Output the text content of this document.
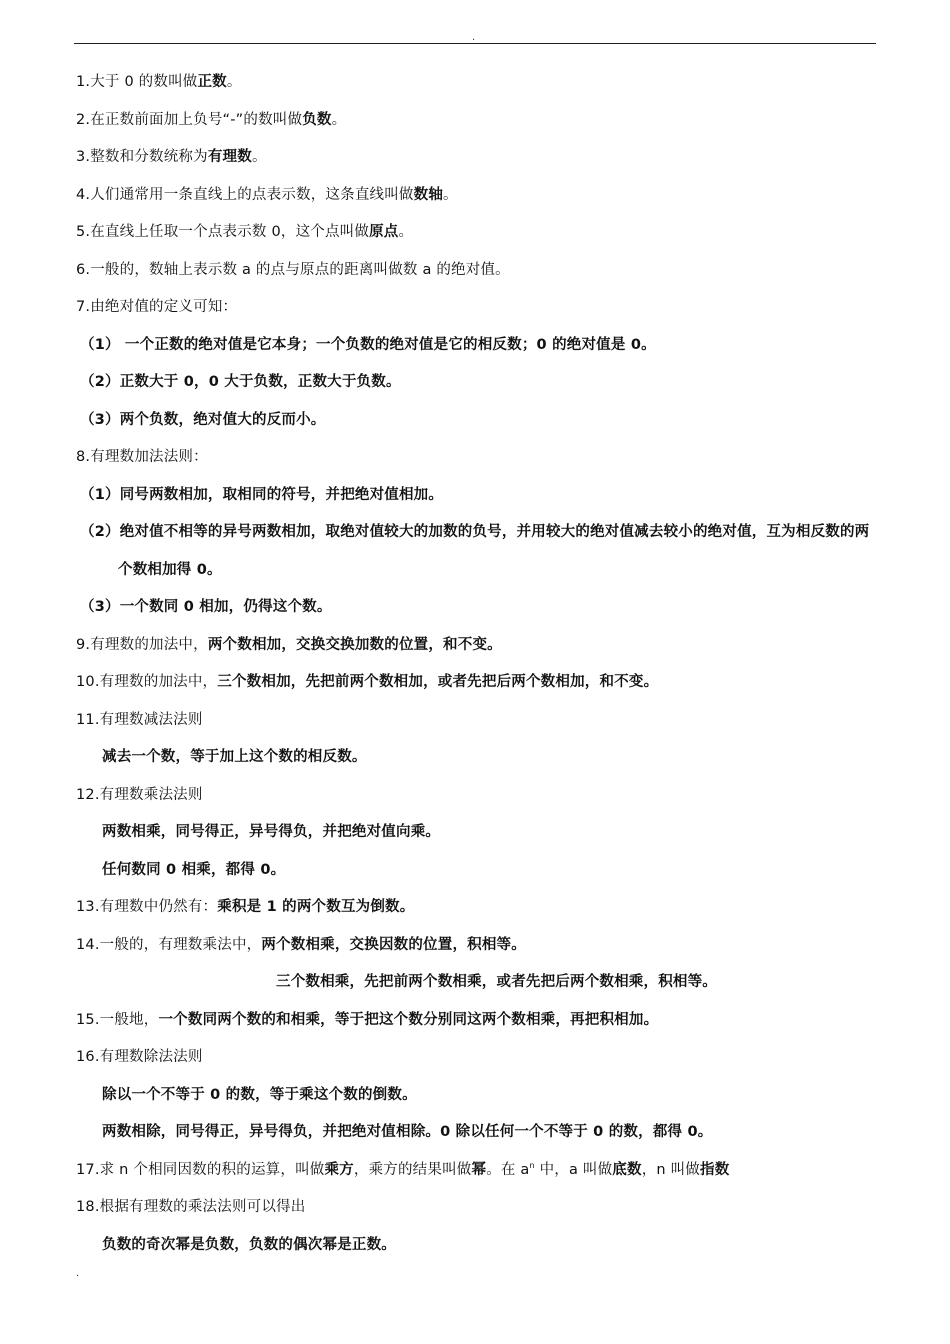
.
1.大于 0 的数叫做正数。
2.在正数前面加上负号“-”的数叫做负数。
3.整数和分数统称为有理数。
4.人们通常用一条直线上的点表示数，这条直线叫做数轴。
5.在直线上任取一个点表示数 0，这个点叫做原点。
6.一般的，数轴上表示数 a 的点与原点的距离叫做数 a 的绝对值。
7.由绝对值的定义可知：
（1） 一个正数的绝对值是它本身；一个负数的绝对值是它的相反数；0 的绝对值是 0。
（2）正数大于 0，0 大于负数，正数大于负数。
（3）两个负数，绝对值大的反而小。
8.有理数加法法则：
（1）同号两数相加，取相同的符号，并把绝对值相加。
（2）绝对值不相等的异号两数相加，取绝对值较大的加数的负号，并用较大的绝对值减去较小的绝对值，互为相反数的两个数相加得 0。
（3）一个数同 0 相加，仍得这个数。
9.有理数的加法中，两个数相加，交换交换加数的位置，和不变。
10.有理数的加法中，三个数相加，先把前两个数相加，或者先把后两个数相加，和不变。
11.有理数减法法则
减去一个数，等于加上这个数的相反数。
12.有理数乘法法则
两数相乘，同号得正，异号得负，并把绝对值向乘。
任何数同 0 相乘，都得 0。
13.有理数中仍然有：乘积是 1 的两个数互为倒数。
14.一般的，有理数乘法中，两个数相乘，交换因数的位置，积相等。
三个数相乘，先把前两个数相乘，或者先把后两个数相乘，积相等。
15.一般地，一个数同两个数的和相乘，等于把这个数分别同这两个数相乘，再把积相加。
16.有理数除法法则
除以一个不等于 0 的数，等于乘这个数的倒数。
两数相除，同号得正，异号得负，并把绝对值相除。0 除以任何一个不等于 0 的数，都得 0。
17.求 n 个相同因数的积的运算，叫做乘方，乘方的结果叫做幂。在 $a^n$ 中，a 叫做底数，n 叫做指数
18.根据有理数的乘法法则可以得出
负数的奇次幂是负数，负数的偶次幂是正数。
.
